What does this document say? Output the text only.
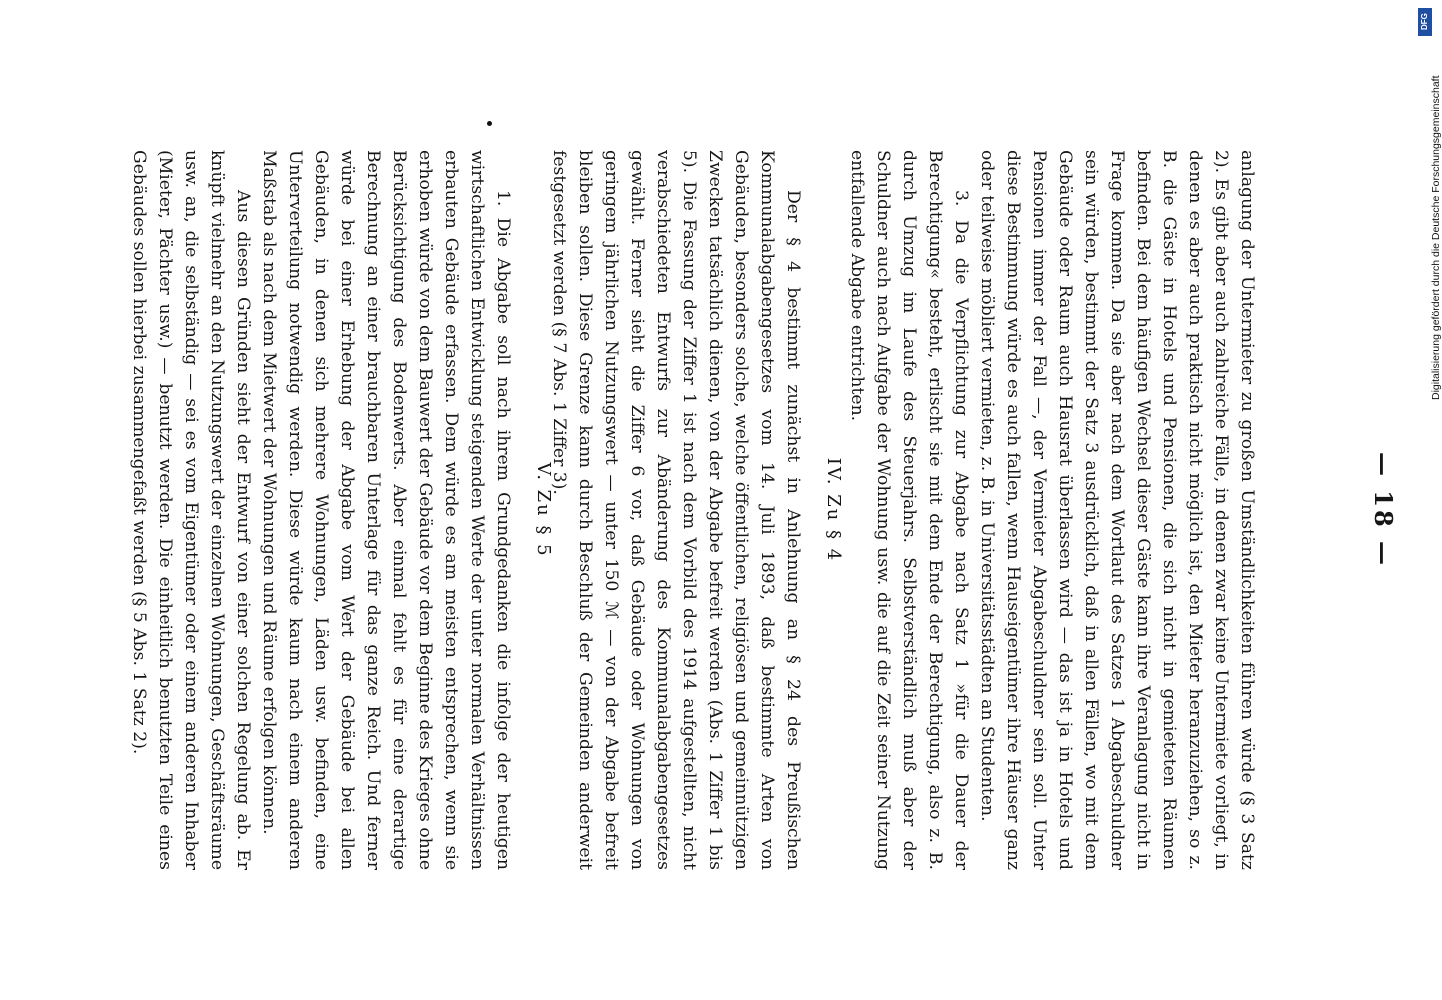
— 18 —

anlagung der Untermieter zu großen Umständlichkeiten führen würde (§ 3 Satz 2). Es gibt aber auch zahlreiche Fälle, in denen zwar keine Untermiete vorliegt, in denen es aber auch praktisch nicht möglich ist, den Mieter heranzuziehen, so z. B. die Gäste in Hotels und Pensionen, die sich nicht in gemieteten Räumen befinden. Bei dem häufigen Wechsel dieser Gäste kann ihre Veranlagung nicht in Frage kommen. Da sie aber nach dem Wortlaut des Satzes 1 Abgabeschuldner sein würden, bestimmt der Satz 3 ausdrücklich, daß in allen Fällen, wo mit dem Gebäude oder Raum auch Hausrat überlassen wird — das ist ja in Hotels und Pensionen immer der Fall —, der Vermieter Abgabeschuldner sein soll. Unter diese Bestimmung würde es auch fallen, wenn Hauseigentümer ihre Häuser ganz oder teilweise möbliert vermieten, z. B. in Universitätsstädten an Studenten.

3. Da die Verpflichtung zur Abgabe nach Satz 1 »für die Dauer der Berechtigung« besteht, erlischt sie mit dem Ende der Berechtigung, also z. B. durch Umzug im Laufe des Steuerjahrs. Selbstverständlich muß aber der Schuldner auch nach Aufgabe der Wohnung usw. die auf die Zeit seiner Nutzung entfallende Abgabe entrichten.

IV. Zu § 4

Der § 4 bestimmt zunächst in Anlehnung an § 24 des Preußischen Kommunalabgabengesetzes vom 14. Juli 1893, daß bestimmte Arten von Gebäuden, besonders solche, welche öffentlichen, religiösen und gemeinnützigen Zwecken tatsächlich dienen, von der Abgabe befreit werden (Abs. 1 Ziffer 1 bis 5). Die Fassung der Ziffer 1 ist nach dem Vorbild des 1914 aufgestellten, nicht verabschiedeten Entwurfs zur Abänderung des Kommunalabgabengesetzes gewählt. Ferner sieht die Ziffer 6 vor, daß Gebäude oder Wohnungen von geringem jährlichen Nutzungswert — unter 150 ℳ — von der Abgabe befreit bleiben sollen. Diese Grenze kann durch Beschluß der Gemeinden anderweit festgesetzt werden (§ 7 Abs. 1 Ziffer 3).

V. Zu § 5

1. Die Abgabe soll nach ihrem Grundgedanken die infolge der heutigen wirtschaftlichen Entwicklung steigenden Werte der unter normalen Verhältnissen erbauten Gebäude erfassen. Dem würde es am meisten entsprechen, wenn sie erhoben würde von dem Bauwert der Gebäude vor dem Beginne des Krieges ohne Berücksichtigung des Bodenwerts. Aber einmal fehlt es für eine derartige Berechnung an einer brauchbaren Unterlage für das ganze Reich. Und ferner würde bei einer Erhebung der Abgabe vom Wert der Gebäude bei allen Gebäuden, in denen sich mehrere Wohnungen, Läden usw. befinden, eine Unterverteilung notwendig werden. Diese würde kaum nach einem anderen Maßstab als nach dem Mietwert der Wohnungen und Räume erfolgen können.

Aus diesen Gründen sieht der Entwurf von einer solchen Regelung ab. Er knüpft vielmehr an den Nutzungswert der einzelnen Wohnungen, Geschäftsräume usw. an, die selbständig — sei es vom Eigentümer oder einem anderen Inhaber (Mieter, Pächter usw.) — benutzt werden. Die einheitlich benutzten Teile eines Gebäudes sollen hierbei zusammengefaßt werden (§ 5 Abs. 1 Satz 2).	Digitalisierung gefördert durch die Deutsche Forschungsgemeinschaft
DFG
